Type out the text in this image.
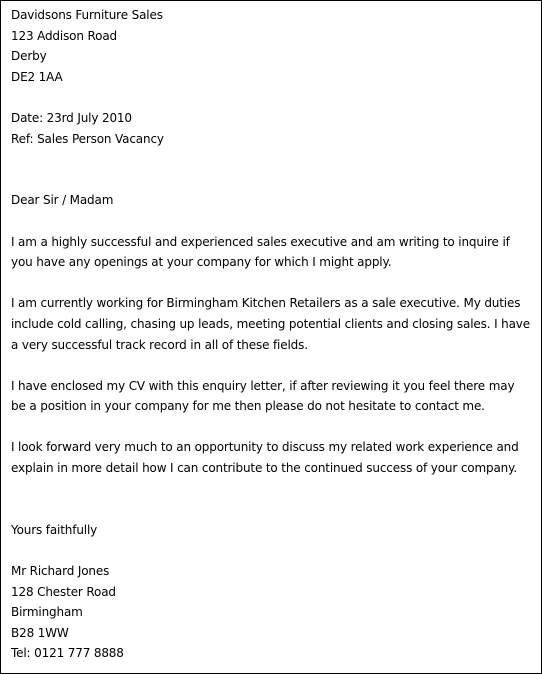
Davidsons Furniture Sales
123 Addison Road
Derby
DE2 1AA
Date: 23rd July 2010
Ref: Sales Person Vacancy
Dear Sir / Madam
I am a highly successful and experienced sales executive and am writing to inquire if
you have any openings at your company for which I might apply.
I am currently working for Birmingham Kitchen Retailers as a sale executive. My duties
include cold calling, chasing up leads, meeting potential clients and closing sales. I have
a very successful track record in all of these fields.
I have enclosed my CV with this enquiry letter, if after reviewing it you feel there may
be a position in your company for me then please do not hesitate to contact me.
I look forward very much to an opportunity to discuss my related work experience and
explain in more detail how I can contribute to the continued success of your company.
Yours faithfully
Mr Richard Jones
128 Chester Road
Birmingham
B28 1WW
Tel: 0121 777 8888
